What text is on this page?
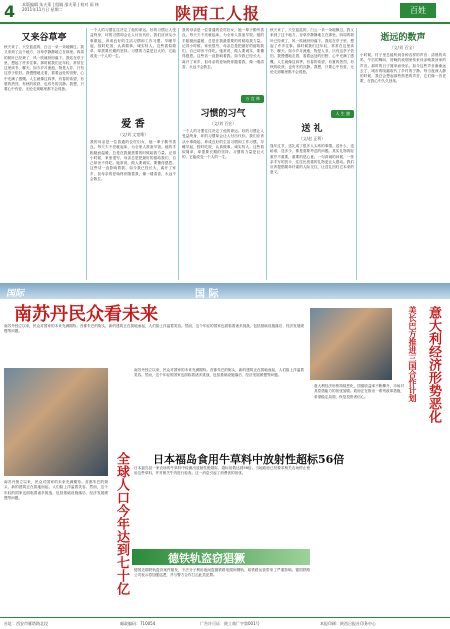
4 本版编辑 朱夫莱 | 组稿 邵夫莱 | 校对 雨 林
2011年11月日 星期二	陕西工人报	百姓
又来谷草亭
秋天来了，天空蓝蓝的，白云一朵一朵地飘过。我又来到了这个地方，谷草亭静静地立在那里。四周的树叶已经黄了，风一吹就纷纷落下。我站在亭子里，想起了许多往事。那时候我们还年轻，常常在这里读书、聊天。如今岁月流逝，物是人非，只有这亭子依旧。我慢慢地走着，看着远处的田野，心中充满了感慨。人生就像这四季，有春的希望，有夏的热烈，有秋的收获，也有冬的沉静。我想，只要心中有爱，无论走到哪里都不会孤独。
一个人的习惯往往决定了他的命运。好的习惯让人受益终身，坏的习惯却会让人付出代价。我们应该从小事做起，养成良好的生活习惯和工作习惯。早睡早起，按时吃饭，认真做事，诚实待人。这些看似简单，却需要长期的坚持。习惯的力量是巨大的，它能改变一个人的一生。
爱 香
（文/刘 文宽唯）
我的母亲是一位普通的农村妇女，她一辈子勤劳善良。每天天不亮就起床，为全家人准备早饭。她的手粗糙而温暖，总是在我最需要的时候给我力量。记得小时候，家里很穷，母亲总是把最好的留给我们，自己却舍不得吃。她常说，做人要诚实，要懂得感恩。这些话一直影响着我。如今我已经长大，离开了家乡，但母亲的爱始终伴随着我，像一缕清香，永远不会散去。
我的母亲是一位普通的农村妇女，她一辈子勤劳善良。每天天不亮就起床，为全家人准备早饭。她的手粗糙而温暖，总是在我最需要的时候给我力量。记得小时候，家里很穷，母亲总是把最好的留给我们，自己却舍不得吃。她常说，做人要诚实，要懂得感恩。这些话一直影响着我。如今我已经长大，离开了家乡，但母亲的爱始终伴随着我，像一缕清香，永远不会散去。
万 宜 林
习惯的习气
（文/刘 百宏）
一个人的习惯往往决定了他的命运。好的习惯让人受益终身，坏的习惯却会让人付出代价。我们应该从小事做起，养成良好的生活习惯和工作习惯。早睡早起，按时吃饭，认真做事，诚实待人。这些看似简单，却需要长期的坚持。习惯的力量是巨大的，它能改变一个人的一生。
秋天来了，天空蓝蓝的，白云一朵一朵地飘过。我又来到了这个地方，谷草亭静静地立在那里。四周的树叶已经黄了，风一吹就纷纷落下。我站在亭子里，想起了许多往事。那时候我们还年轻，常常在这里读书、聊天。如今岁月流逝，物是人非，只有这亭子依旧。我慢慢地走着，看着远处的田野，心中充满了感慨。人生就像这四季，有春的希望，有夏的热烈，有秋的收获，也有冬的沉静。我想，只要心中有爱，无论走到哪里都不会孤独。
人 生 旗
送 礼
（文/赵 正利）
逢年过节，送礼成了很多人头疼的事情。送什么，送给谁，送多少，都是需要考虑的问题。其实礼物的轻重并不重要，重要的是心意。一句真诚的问候，一张亲手写的贺卡，往往比贵重的礼物更让人感动。我们应该提倡简单朴素的人际交往，让送礼回归它本来的意义。
逝远的数声
（文/刘 百宝）
小时候，村子里总能听到各种各样的声音：清晨的鸡鸣，午后的蝉叫，傍晚的炊烟里传来母亲唤我回家的声音。那时的日子简单而快乐。如今这些声音渐渐远去了，城市的喧嚣取代了乡村的宁静。每当夜深人静的时候，我总会想起那些熟悉的声音，它们像一首老歌，在我心中久久回荡。
国际	国 际
南苏丹民众看未来
南苏丹独立以来，民众对国家的未来充满期待。首都朱巴的街头，新的建筑正在拔地而起，人们脸上洋溢着笑容。然而，这个年轻的国家也面临着诸多挑战，包括基础设施落后、经济发展缓慢等问题。
全球人口今年达到七十亿
南苏丹独立以来，民众对国家的未来充满期待。首都朱巴的街头，新的建筑正在拔地而起，人们脸上洋溢着笑容。然而，这个年轻的国家也面临着诸多挑战，包括基础设施落后、经济发展缓慢等问题。
南苏丹独立以来，民众对国家的未来充满期待。首都朱巴的街头，新的建筑正在拔地而起，人们脸上洋溢着笑容。然而，这个年轻的国家也面临着诸多挑战，包括基础设施落后、经济发展缓慢等问题。
日本福岛食用牛草料中放射性超标56倍
日本福岛县一家农场的牛草料中检测出放射性铯超标，超标倍数达到56倍。当地政府已经要求相关农场停止使用这些草料，并对相关牛肉进行检查。这一消息引起了消费者的担忧。
德铁轨盗窃猖獗
德国近期铁轨盗窃案件频发，不法分子利用夜间盗割铁路电缆和钢轨，给铁路运营带来了严重影响。德国铁路公司表示将加强巡逻，并与警方合作打击此类犯罪。
意大利经济形势恶化
美长巴方推进三国合作计划
意大利经济形势持续恶化，国债收益率不断攀升，市场对其偿债能力的担忧加剧。政府正在推出一系列改革措施，希望稳定局面，恢复投资者信心。
社址：西安市雁塔路北段	邮政编码：710054	广告许可证：陕工商广字第001号	本报印刷：陕西日报社印务中心
